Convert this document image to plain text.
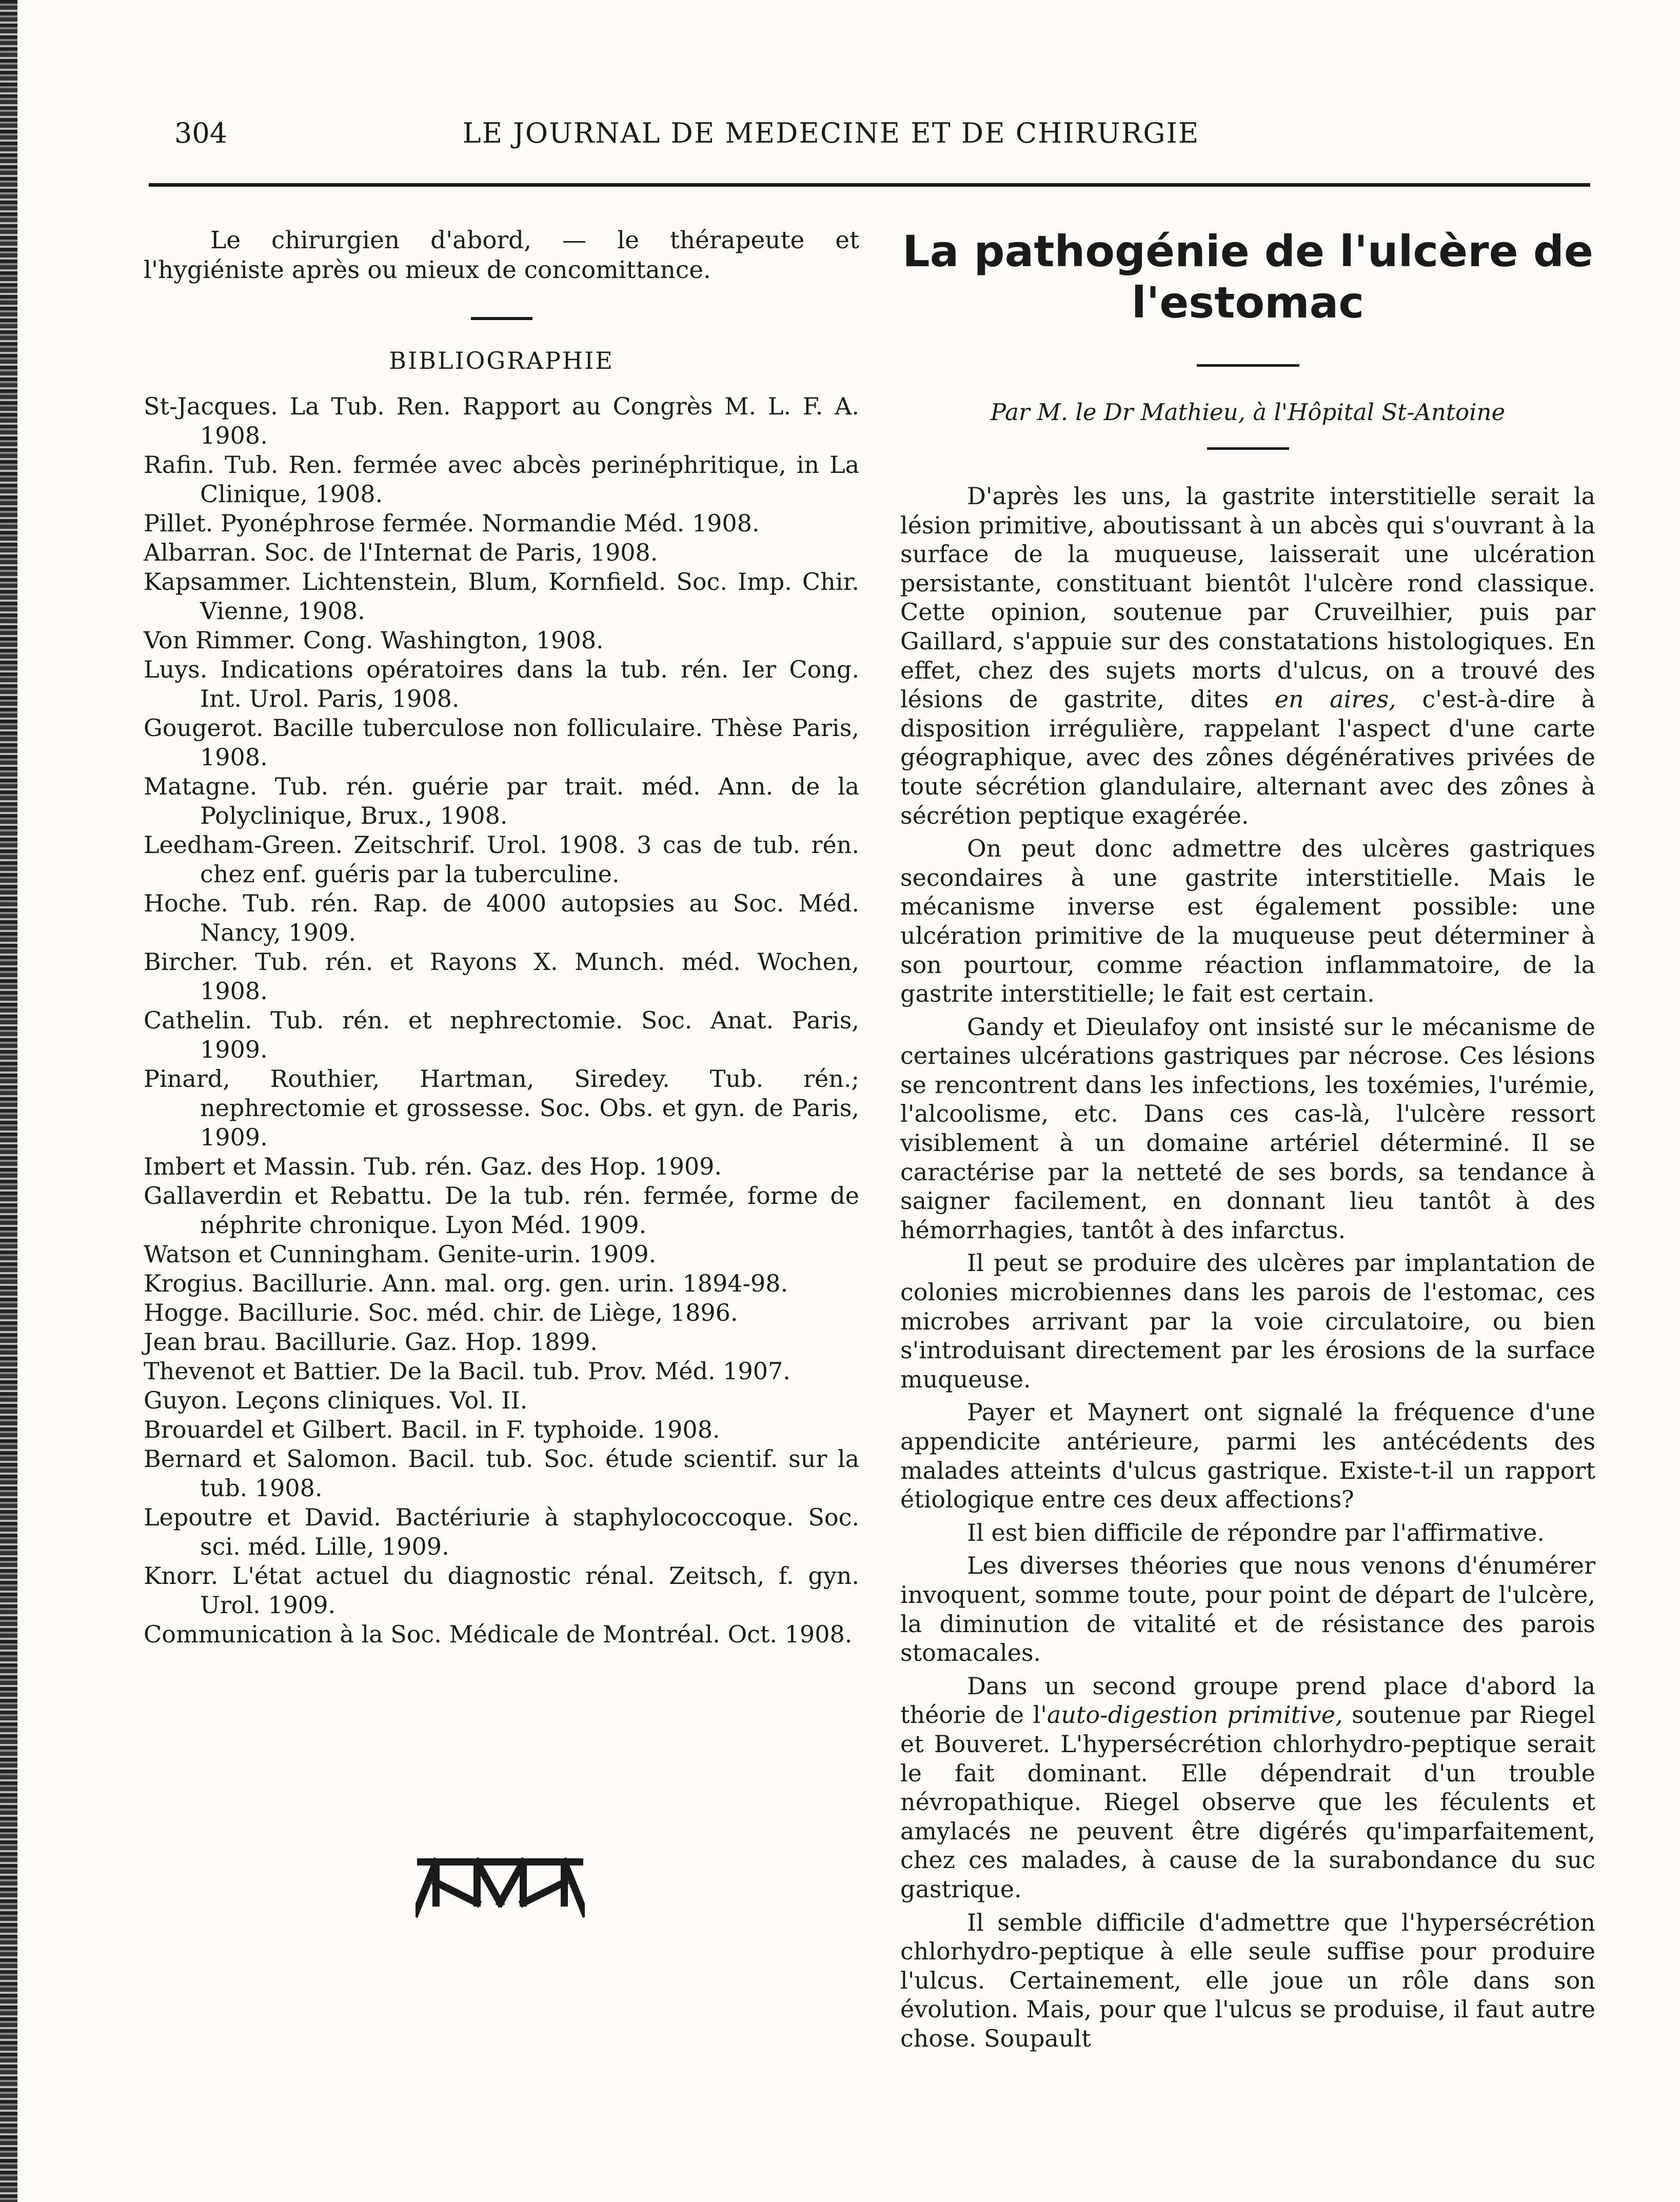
304	LE JOURNAL DE MEDECINE ET DE CHIRURGIE

Le chirurgien d'abord, — le thérapeute et l'hygiéniste après ou mieux de concomittance.

BIBLIOGRAPHIE

St-Jacques. La Tub. Ren. Rapport au Congrès M. L. F. A. 1908.
Rafin. Tub. Ren. fermée avec abcès perinéphritique, in La Clinique, 1908.
Pillet. Pyonéphrose fermée. Normandie Méd. 1908.
Albarran. Soc. de l'Internat de Paris, 1908.
Kapsammer. Lichtenstein, Blum, Kornfield. Soc. Imp. Chir. Vienne, 1908.
Von Rimmer. Cong. Washington, 1908.
Luys. Indications opératoires dans la tub. rén. Ier Cong. Int. Urol. Paris, 1908.
Gougerot. Bacille tuberculose non folliculaire. Thèse Paris, 1908.
Matagne. Tub. rén. guérie par trait. méd. Ann. de la Polyclinique, Brux., 1908.
Leedham-Green. Zeitschrif. Urol. 1908. 3 cas de tub. rén. chez enf. guéris par la tuberculine.
Hoche. Tub. rén. Rap. de 4000 autopsies au Soc. Méd. Nancy, 1909.
Bircher. Tub. rén. et Rayons X. Munch. méd. Wochen, 1908.
Cathelin. Tub. rén. et nephrectomie. Soc. Anat. Paris, 1909.
Pinard, Routhier, Hartman, Siredey. Tub. rén.; nephrectomie et grossesse. Soc. Obs. et gyn. de Paris, 1909.
Imbert et Massin. Tub. rén. Gaz. des Hop. 1909.
Gallaverdin et Rebattu. De la tub. rén. fermée, forme de néphrite chronique. Lyon Méd. 1909.
Watson et Cunningham. Genite-urin. 1909.
Krogius. Bacillurie. Ann. mal. org. gen. urin. 1894-98.
Hogge. Bacillurie. Soc. méd. chir. de Liège, 1896.
Jean brau. Bacillurie. Gaz. Hop. 1899.
Thevenot et Battier. De la Bacil. tub. Prov. Méd. 1907.
Guyon. Leçons cliniques. Vol. II.
Brouardel et Gilbert. Bacil. in F. typhoide. 1908.
Bernard et Salomon. Bacil. tub. Soc. étude scientif. sur la tub. 1908.
Lepoutre et David. Bactériurie à staphylococcoque. Soc. sci. méd. Lille, 1909.
Knorr. L'état actuel du diagnostic rénal. Zeitsch, f. gyn. Urol. 1909.
Communication à la Soc. Médicale de Montréal. Oct. 1908.
La pathogénie de l'ulcère de l'estomac

Par M. le Dr Mathieu, à l'Hôpital St-Antoine

D'après les uns, la gastrite interstitielle serait la lésion primitive, aboutissant à un abcès qui s'ouvrant à la surface de la muqueuse, laisserait une ulcération persistante, constituant bientôt l'ulcère rond classique. Cette opinion, soutenue par Cruveilhier, puis par Gaillard, s'appuie sur des constatations histologiques. En effet, chez des sujets morts d'ulcus, on a trouvé des lésions de gastrite, dites en aires, c'est-à-dire à disposition irrégulière, rappelant l'aspect d'une carte géographique, avec des zônes dégénératives privées de toute sécrétion glandulaire, alternant avec des zônes à sécrétion peptique exagérée.

On peut donc admettre des ulcères gastriques secondaires à une gastrite interstitielle. Mais le mécanisme inverse est également possible: une ulcération primitive de la muqueuse peut déterminer à son pourtour, comme réaction inflammatoire, de la gastrite interstitielle; le fait est certain.

Gandy et Dieulafoy ont insisté sur le mécanisme de certaines ulcérations gastriques par nécrose. Ces lésions se rencontrent dans les infections, les toxémies, l'urémie, l'alcoolisme, etc. Dans ces cas-là, l'ulcère ressort visiblement à un domaine artériel déterminé. Il se caractérise par la netteté de ses bords, sa tendance à saigner facilement, en donnant lieu tantôt à des hémorrhagies, tantôt à des infarctus.

Il peut se produire des ulcères par implantation de colonies microbiennes dans les parois de l'estomac, ces microbes arrivant par la voie circulatoire, ou bien s'introduisant directement par les érosions de la surface muqueuse.

Payer et Maynert ont signalé la fréquence d'une appendicite antérieure, parmi les antécédents des malades atteints d'ulcus gastrique. Existe-t-il un rapport étiologique entre ces deux affections?

Il est bien difficile de répondre par l'affirmative.

Les diverses théories que nous venons d'énumérer invoquent, somme toute, pour point de départ de l'ulcère, la diminution de vitalité et de résistance des parois stomacales.

Dans un second groupe prend place d'abord la théorie de l'auto-digestion primitive, soutenue par Riegel et Bouveret. L'hypersécrétion chlorhydro-peptique serait le fait dominant. Elle dépendrait d'un trouble névropathique. Riegel observe que les féculents et amylacés ne peuvent être digérés qu'imparfaitement, chez ces malades, à cause de la surabondance du suc gastrique.

Il semble difficile d'admettre que l'hypersécrétion chlorhydro-peptique à elle seule suffise pour produire l'ulcus. Certainement, elle joue un rôle dans son évolution. Mais, pour que l'ulcus se produise, il faut autre chose. Soupault
